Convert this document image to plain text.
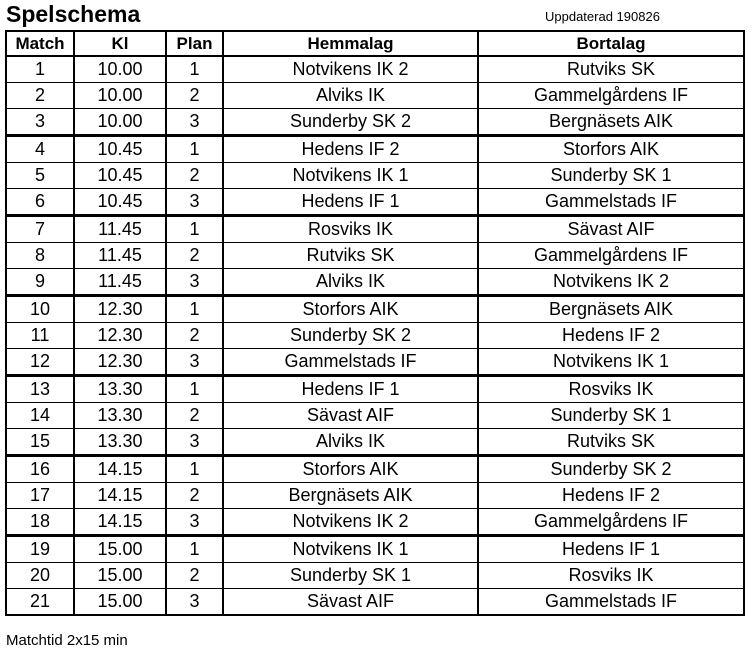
Spelschema	Uppdaterad 190826
Match	Kl	Plan	Hemmalag	Bortalag
1	10.00	1	Notvikens IK 2	Rutviks SK
2	10.00	2	Alviks IK	Gammelgårdens IF
3	10.00	3	Sunderby SK 2	Bergnäsets AIK
4	10.45	1	Hedens IF 2	Storfors AIK
5	10.45	2	Notvikens IK 1	Sunderby SK 1
6	10.45	3	Hedens IF 1	Gammelstads IF
7	11.45	1	Rosviks IK	Sävast AIF
8	11.45	2	Rutviks SK	Gammelgårdens IF
9	11.45	3	Alviks IK	Notvikens IK 2
10	12.30	1	Storfors AIK	Bergnäsets AIK
11	12.30	2	Sunderby SK 2	Hedens IF 2
12	12.30	3	Gammelstads IF	Notvikens IK 1
13	13.30	1	Hedens IF 1	Rosviks IK
14	13.30	2	Sävast AIF	Sunderby SK 1
15	13.30	3	Alviks IK	Rutviks SK
16	14.15	1	Storfors AIK	Sunderby SK 2
17	14.15	2	Bergnäsets AIK	Hedens IF 2
18	14.15	3	Notvikens IK 2	Gammelgårdens IF
19	15.00	1	Notvikens IK 1	Hedens IF 1
20	15.00	2	Sunderby SK 1	Rosviks IK
21	15.00	3	Sävast AIF	Gammelstads IF
Matchtid 2x15 min
